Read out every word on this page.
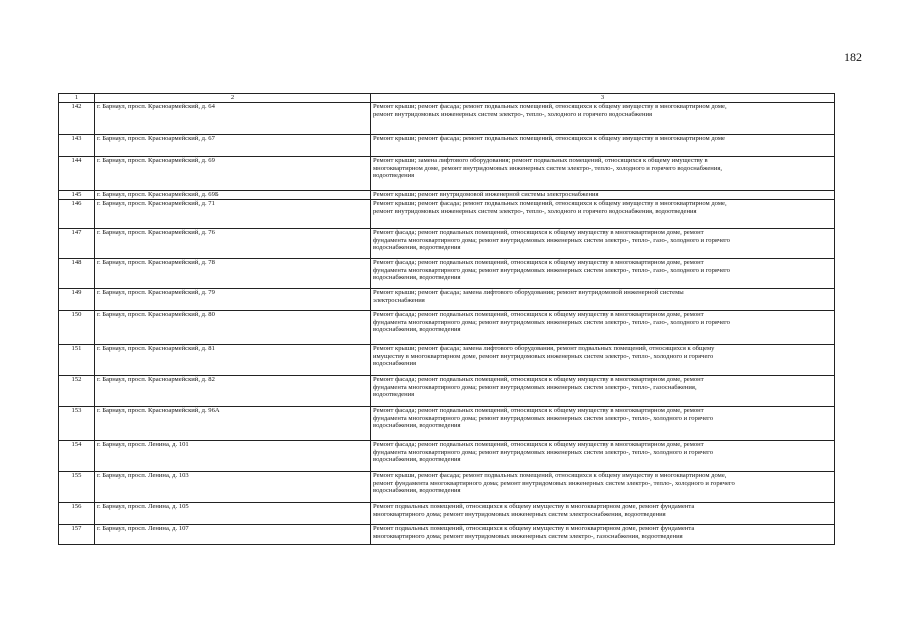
182
1	2	3
142	г. Барнаул, просп. Красноармейский, д. 64	Ремонт крыши; ремонт фасада; ремонт подвальных помещений, относящихся к общему имуществу в многоквартирном доме,
ремонт внутридомовых инженерных систем электро-, тепло-, холодного и горячего водоснабжения
143	г. Барнаул, просп. Красноармейский, д. 67	Ремонт крыши; ремонт фасада; ремонт подвальных помещений, относящихся к общему имуществу в многоквартирном доме
144	г. Барнаул, просп. Красноармейский, д. 69	Ремонт крыши; замена лифтового оборудования; ремонт подвальных помещений, относящихся к общему имуществу в
многоквартирном доме, ремонт внутридомовых инженерных систем электро-, тепло-, холодного и горячего водоснабжения,
водоотведения
145	г. Барнаул, просп. Красноармейский, д. 69Б	Ремонт крыши; ремонт внутридомовой инженерной системы электроснабжения
146	г. Барнаул, просп. Красноармейский, д. 71	Ремонт крыши; ремонт фасада; ремонт подвальных помещений, относящихся к общему имуществу в многоквартирном доме,
ремонт внутридомовых инженерных систем электро-, тепло-, холодного и горячего водоснабжения, водоотведения
147	г. Барнаул, просп. Красноармейский, д. 76	Ремонт фасада; ремонт подвальных помещений, относящихся к общему имуществу в многоквартирном доме, ремонт
фундамента многоквартирного дома; ремонт внутридомовых инженерных систем электро-, тепло-, газо-, холодного и горячего
водоснабжения, водоотведения
148	г. Барнаул, просп. Красноармейский, д. 78	Ремонт фасада; ремонт подвальных помещений, относящихся к общему имуществу в многоквартирном доме, ремонт
фундамента многоквартирного дома; ремонт внутридомовых инженерных систем электро-, тепло-, газо-, холодного и горячего
водоснабжения, водоотведения
149	г. Барнаул, просп. Красноармейский, д. 79	Ремонт крыши; ремонт фасада; замена лифтового оборудования; ремонт внутридомовой инженерной системы
электроснабжения
150	г. Барнаул, просп. Красноармейский, д. 80	Ремонт фасада; ремонт подвальных помещений, относящихся к общему имуществу в многоквартирном доме, ремонт
фундамента многоквартирного дома; ремонт внутридомовых инженерных систем электро-, тепло-, газо-, холодного и горячего
водоснабжения, водоотведения
151	г. Барнаул, просп. Красноармейский, д. 81	Ремонт крыши; ремонт фасада; замена лифтового оборудования, ремонт подвальных помещений, относящихся к общему
имуществу в многоквартирном доме, ремонт внутридомовых инженерных систем электро-, тепло-, холодного и горячего
водоснабжения
152	г. Барнаул, просп. Красноармейский, д. 82	Ремонт фасада; ремонт подвальных помещений, относящихся к общему имуществу в многоквартирном доме, ремонт
фундамента многоквартирного дома; ремонт внутридомовых инженерных систем электро-, тепло-, газоснабжения,
водоотведения
153	г. Барнаул, просп. Красноармейский, д. 96А	Ремонт фасада; ремонт подвальных помещений, относящихся к общему имуществу в многоквартирном доме, ремонт
фундамента многоквартирного дома; ремонт внутридомовых инженерных систем электро-, тепло-, холодного и горячего
водоснабжения, водоотведения
154	г. Барнаул, просп. Ленина, д. 101	Ремонт фасада; ремонт подвальных помещений, относящихся к общему имуществу в многоквартирном доме, ремонт
фундамента многоквартирного дома; ремонт внутридомовых инженерных систем электро-, тепло-, холодного и горячего
водоснабжения, водоотведения
155	г. Барнаул, просп. Ленина, д. 103	Ремонт крыши, ремонт фасада; ремонт подвальных помещений, относящихся к общему имуществу в многоквартирном доме,
ремонт фундамента многоквартирного дома; ремонт внутридомовых инженерных систем электро-, тепло-, холодного и горячего
водоснабжения, водоотведения
156	г. Барнаул, просп. Ленина, д. 105	Ремонт подвальных помещений, относящихся к общему имуществу в многоквартирном доме, ремонт фундамента
многоквартирного дома; ремонт внутридомовых инженерных систем электроснабжения, водоотведения
157	г. Барнаул, просп. Ленина, д. 107	Ремонт подвальных помещений, относящихся к общему имуществу в многоквартирном доме, ремонт фундамента
многоквартирного дома; ремонт внутридомовых инженерных систем электро-, газоснабжения, водоотведения
